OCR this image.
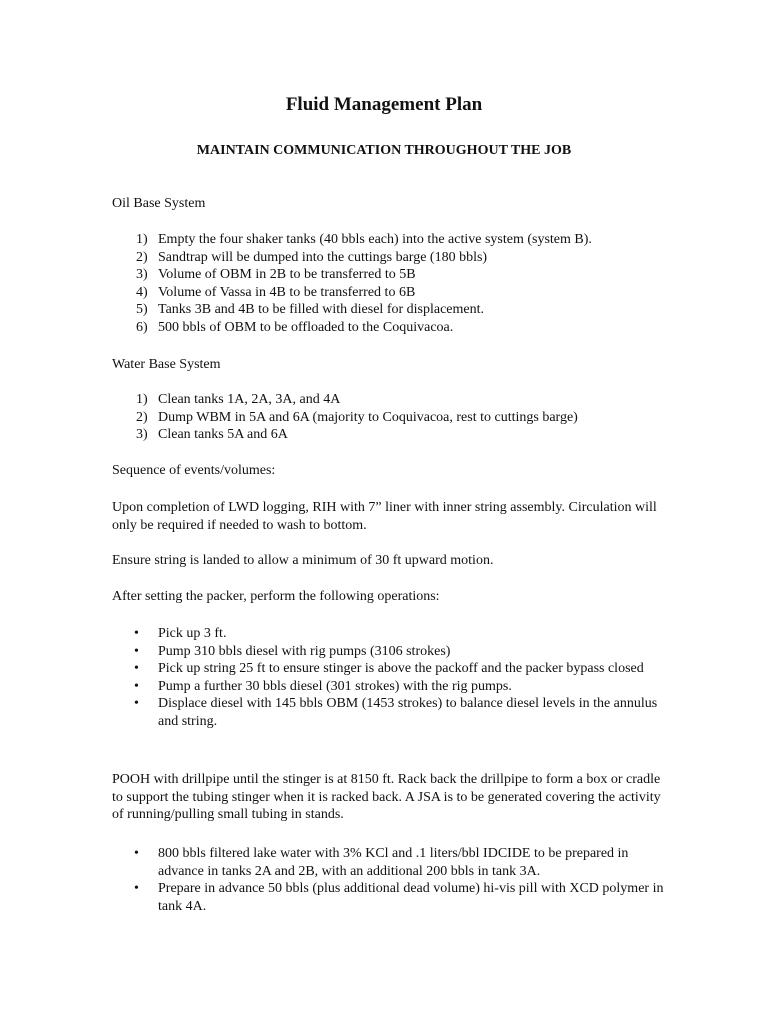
Fluid Management Plan
MAINTAIN COMMUNICATION THROUGHOUT THE JOB
Oil Base System
1) Empty the four shaker tanks (40 bbls each) into the active system (system B).
2) Sandtrap will be dumped into the cuttings barge (180 bbls)
3) Volume of OBM in 2B to be transferred to 5B
4) Volume of Vassa in 4B to be transferred to 6B
5) Tanks 3B and 4B to be filled with diesel for displacement.
6) 500 bbls of OBM to be offloaded to the Coquivacoa.
Water Base System
1) Clean tanks 1A, 2A, 3A, and 4A
2) Dump WBM in 5A and 6A (majority to Coquivacoa, rest to cuttings barge)
3) Clean tanks 5A and 6A
Sequence of events/volumes:

Upon completion of LWD logging, RIH with 7” liner with inner string assembly. Circulation will only be required if needed to wash to bottom.

Ensure string is landed to allow a minimum of 30 ft upward motion.

After setting the packer, perform the following operations:

• Pick up 3 ft.
• Pump 310 bbls diesel with rig pumps (3106 strokes)
• Pick up string 25 ft to ensure stinger is above the packoff and the packer bypass closed
• Pump a further 30 bbls diesel (301 strokes) with the rig pumps.
• Displace diesel with 145 bbls OBM (1453 strokes) to balance diesel levels in the annulus and string.

POOH with drillpipe until the stinger is at 8150 ft. Rack back the drillpipe to form a box or cradle to support the tubing stinger when it is racked back. A JSA is to be generated covering the activity of running/pulling small tubing in stands.

• 800 bbls filtered lake water with 3% KCl and .1 liters/bbl IDCIDE to be prepared in advance in tanks 2A and 2B, with an additional 200 bbls in tank 3A.
• Prepare in advance 50 bbls (plus additional dead volume) hi-vis pill with XCD polymer in tank 4A.
